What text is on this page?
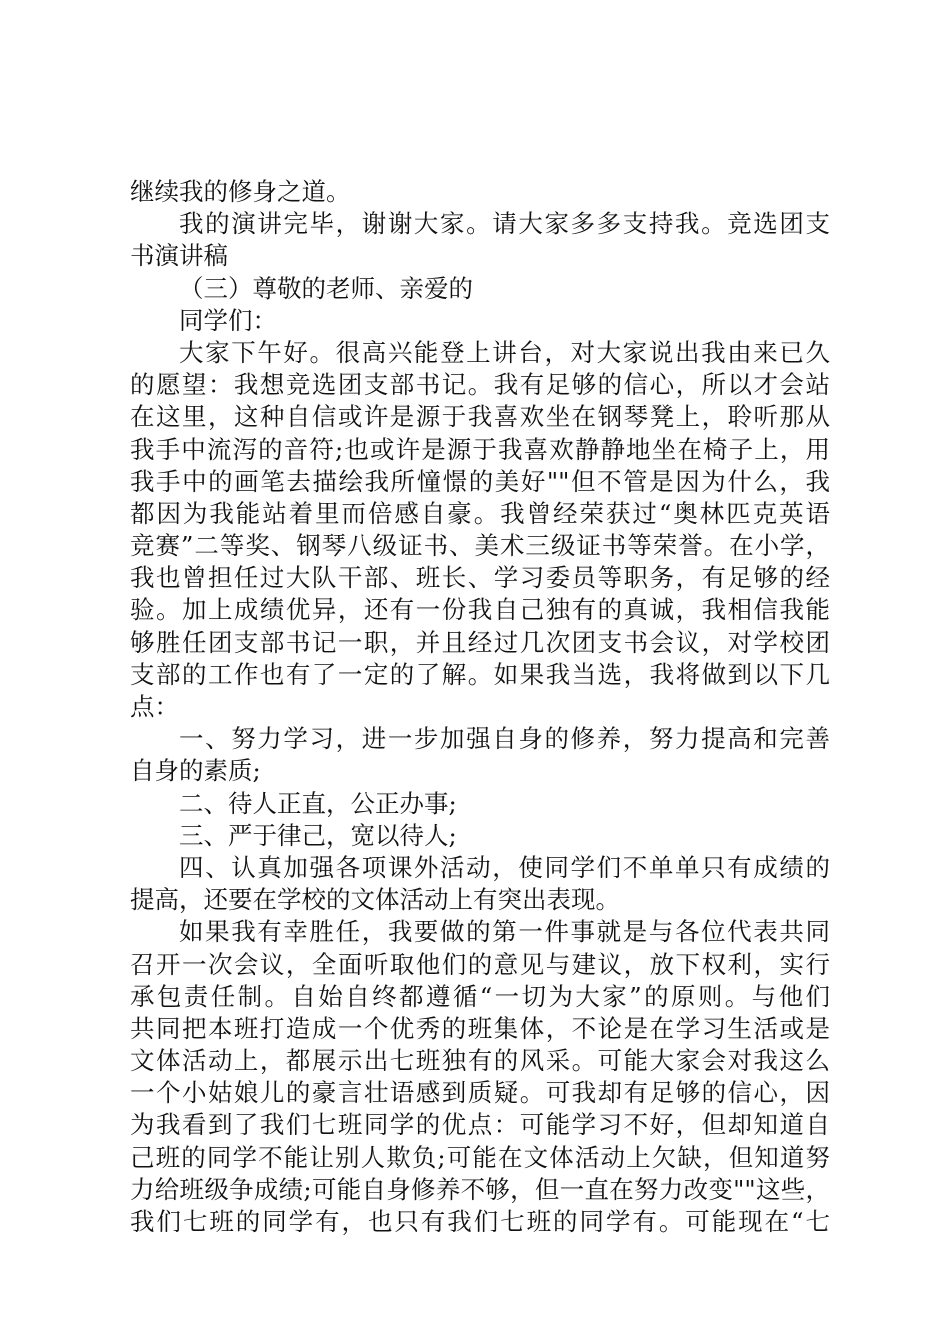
继续我的修身之道。
我的演讲完毕，谢谢大家。请大家多多支持我。竞选团支
书演讲稿
（三）尊敬的老师、亲爱的
同学们：
大家下午好。很高兴能登上讲台，对大家说出我由来已久
的愿望：我想竞选团支部书记。我有足够的信心，所以才会站
在这里，这种自信或许是源于我喜欢坐在钢琴凳上，聆听那从
我手中流泻的音符;也或许是源于我喜欢静静地坐在椅子上，用
我手中的画笔去描绘我所憧憬的美好""但不管是因为什么，我
都因为我能站着里而倍感自豪。我曾经荣获过“奥林匹克英语
竞赛”二等奖、钢琴八级证书、美术三级证书等荣誉。在小学，
我也曾担任过大队干部、班长、学习委员等职务，有足够的经
验。加上成绩优异，还有一份我自己独有的真诚，我相信我能
够胜任团支部书记一职，并且经过几次团支书会议，对学校团
支部的工作也有了一定的了解。如果我当选，我将做到以下几
点：
一、努力学习，进一步加强自身的修养，努力提高和完善
自身的素质;
二、待人正直，公正办事;
三、严于律己，宽以待人;
四、认真加强各项课外活动，使同学们不单单只有成绩的
提高，还要在学校的文体活动上有突出表现。
如果我有幸胜任，我要做的第一件事就是与各位代表共同
召开一次会议，全面听取他们的意见与建议，放下权利，实行
承包责任制。自始自终都遵循“一切为大家”的原则。与他们
共同把本班打造成一个优秀的班集体，不论是在学习生活或是
文体活动上，都展示出七班独有的风采。可能大家会对我这么
一个小姑娘儿的豪言壮语感到质疑。可我却有足够的信心，因
为我看到了我们七班同学的优点：可能学习不好，但却知道自
己班的同学不能让别人欺负;可能在文体活动上欠缺，但知道努
力给班级争成绩;可能自身修养不够，但一直在努力改变""这些，
我们七班的同学有，也只有我们七班的同学有。可能现在“七
